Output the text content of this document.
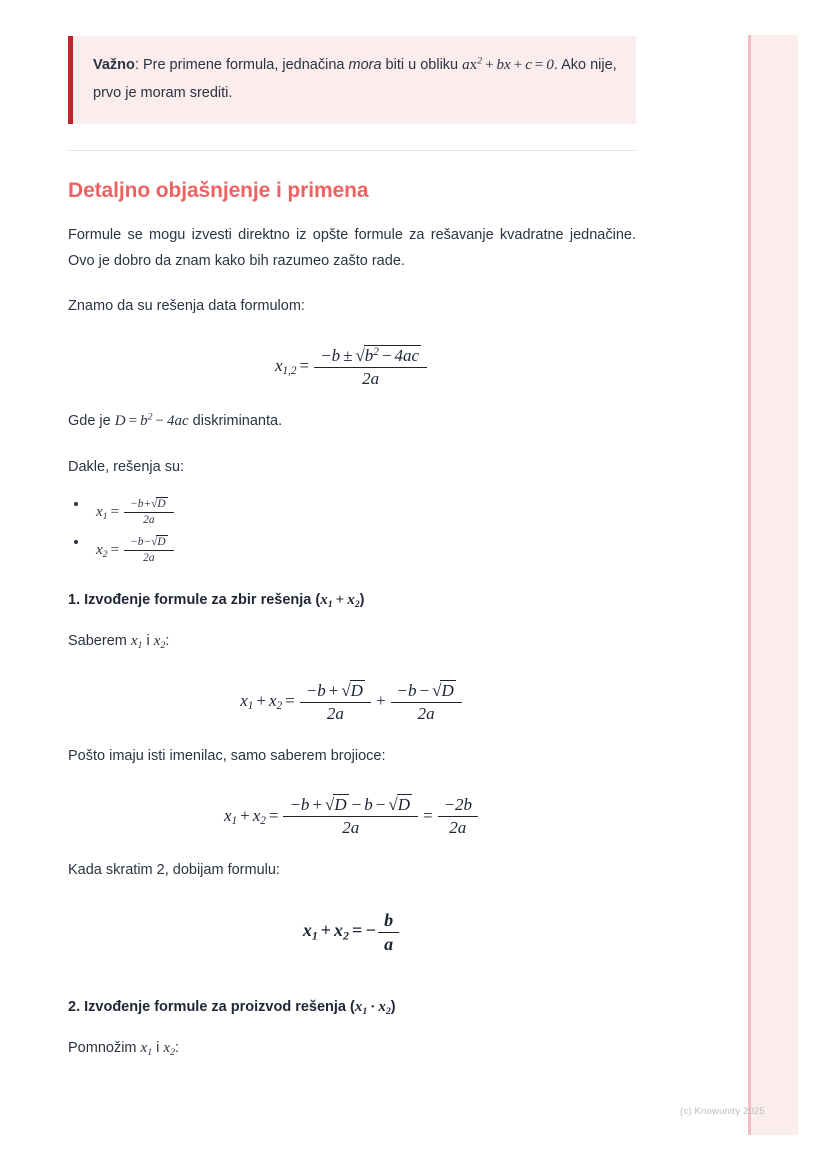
Važno: Pre primene formula, jednačina mora biti u obliku $ax^2$ + bx + c = 0. Ako nije, prvo je moram srediti.

Detaljno objašnjenje i primena

Formule se mogu izvesti direktno iz opšte formule za rešavanje kvadratne jednačine. Ovo je dobro da znam kako bih razumeo zašto rade.

Znamo da su rešenja data formulom:

$x_{1,2} = \frac{-b \pm √b^2 - 4ac}{2a}$

Gde je $D = b^2 - 4ac$ diskriminanta.

Dakle, rešenja su:

$x_1 = \frac{-b+√D}{2a}$
$x_2 = \frac{-b-√D}{2a}$
1. Izvođenje formule za zbir rešenja $(x_1 + x_2)$

Saberem $x_1$ i $x_2$:

$x_1 + x_2 = \frac{-b + √D}{2a} + \frac{-b - √D}{2a}$

Pošto imaju isti imenilac, samo saberem brojioce:

$x_1 + x_2 = \frac{-b + √D - b - √D}{2a} = \frac{-2b}{2a}$

Kada skratim 2, dobijam formulu:

$x_1 + x_2$ = − $\frac{b}{a}$
2. Izvođenje formule za proizvod rešenja $(x_1 \cdot x_2)$

Pomnožim $x_1$ i $x_2$:

(c) Knowunity 2025
